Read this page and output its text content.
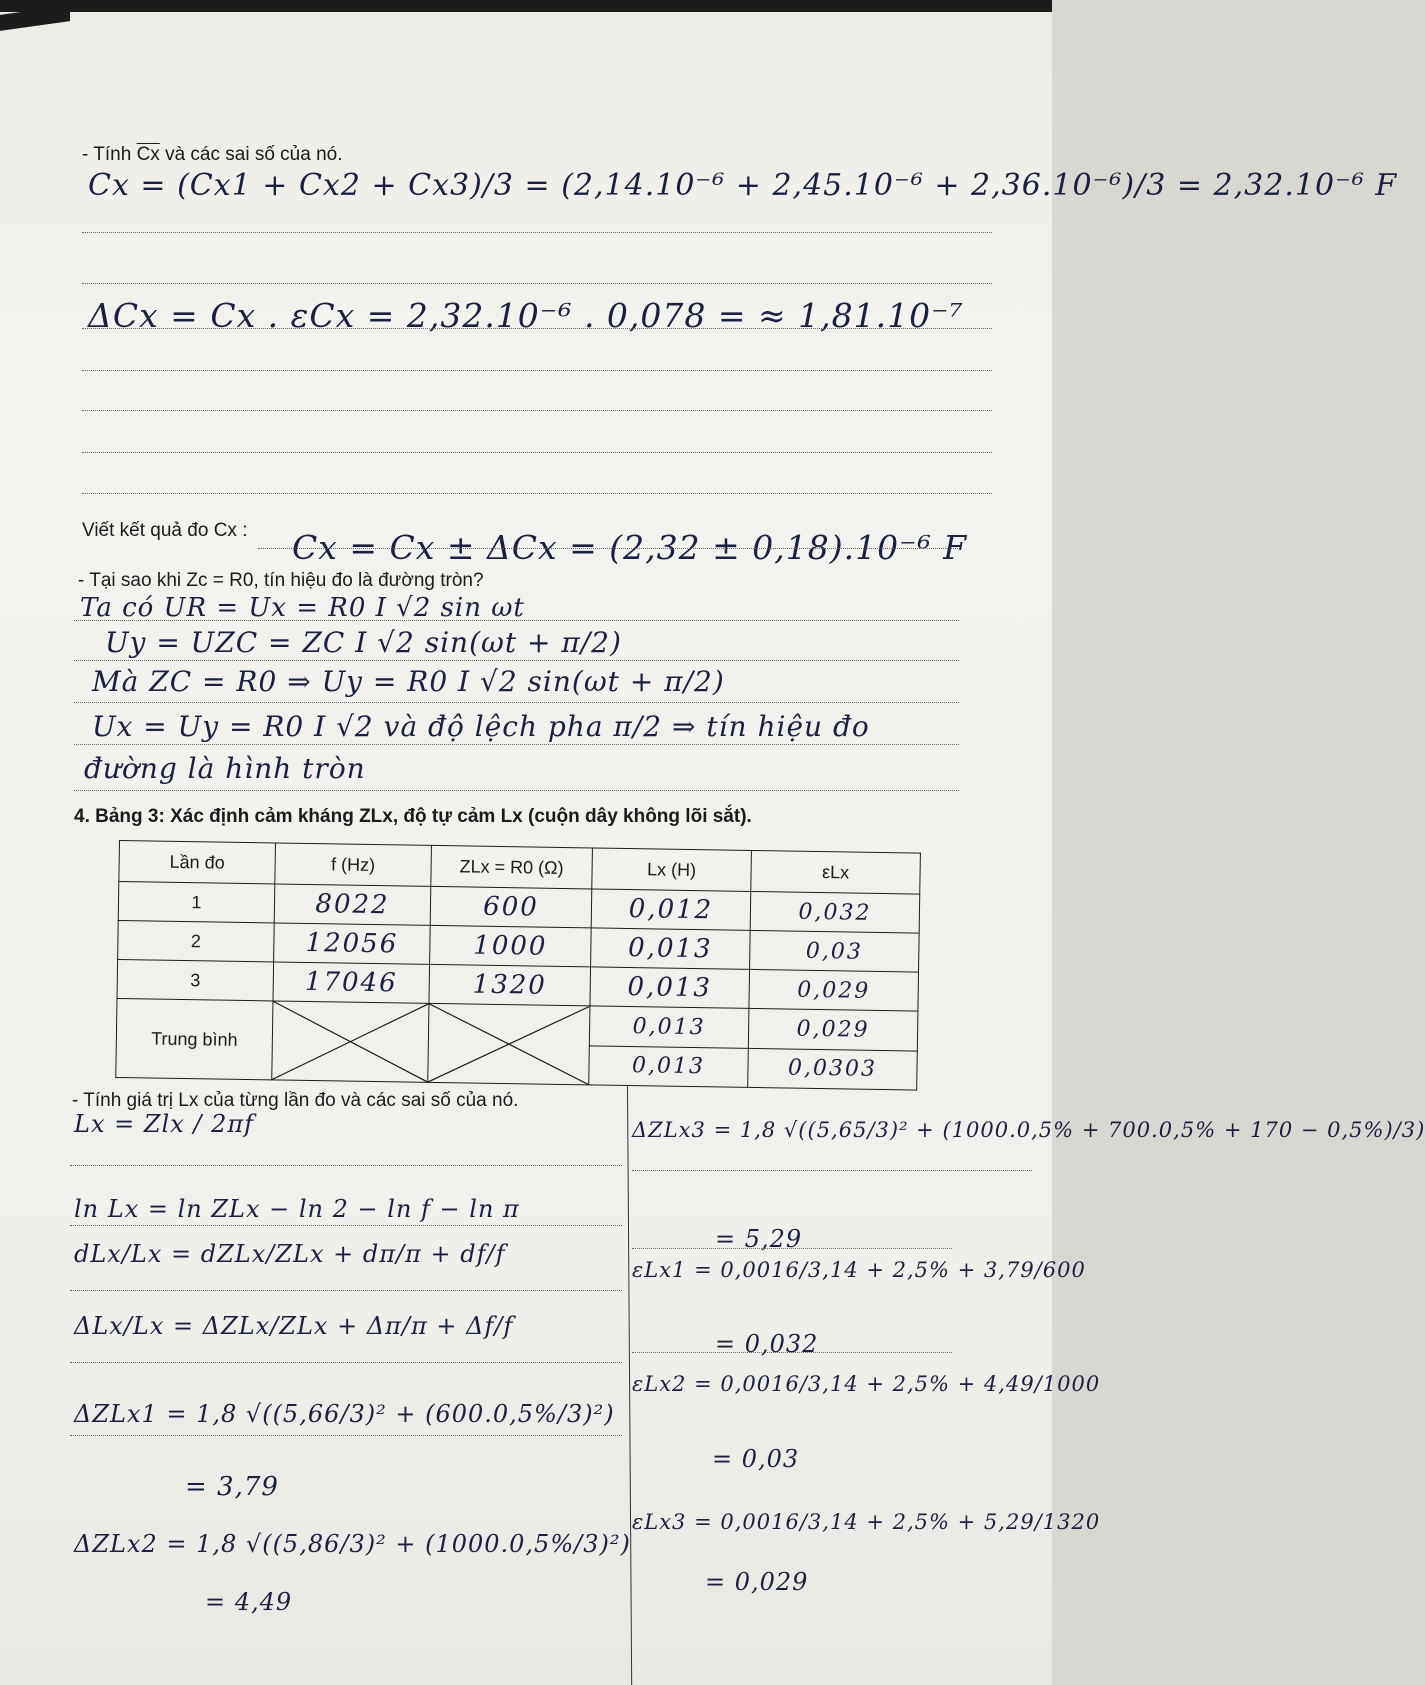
- Tính $\overline{Cx}$ và các sai số của nó.
Cx = (Cx1 + Cx2 + Cx3)/3 = (2,14.10⁻⁶ + 2,45.10⁻⁶ + 2,36.10⁻⁶)/3 = 2,32.10⁻⁶ F
ΔCx = Cx . εCx = 2,32.10⁻⁶ . 0,078 = ≈ 1,81.10⁻⁷
Viết kết quả đo Cx : Cx = Cx ± ΔCx = (2,32 ± 0,18).10⁻⁶ F
- Tại sao khi Zc = R0, tín hiệu đo là đường tròn?
Ta có UR = Ux = R0 I √2 sin ωt
Uy = UZC = ZC I √2 sin(ωt + π/2)
Mà ZC = R0 ⇒ Uy = R0 I √2 sin(ωt + π/2)
Ux = Uy = R0 I √2 và độ lệch pha π/2 ⇒ tín hiệu đo
đường là hình tròn
4. Bảng 3: Xác định cảm kháng ZLx, độ tự cảm Lx (cuộn dây không lõi sắt).
Lần đo	f (Hz)	ZLx = R0 (Ω)	Lx (H)	εLx
1	8022	600	0,012	0,032
2	12056	1000	0,013	0,03
3	17046	1320	0,013	0,029
Trung bình			0,013	0,029
			0,013	0,0303
- Tính giá trị Lx của từng lần đo và các sai số của nó.
Lx = Zlx / 2πf
ln Lx = ln ZLx − ln 2 − ln f − ln π
dLx/Lx = dZLx/ZLx + dπ/π + df/f
ΔLx/Lx = ΔZLx/ZLx + Δπ/π + Δf/f
ΔZLx1 = 1,8 √((5,66/3)² + (600.0,5%/3)²)
= 3,79
ΔZLx2 = 1,8 √((5,86/3)² + (1000.0,5%/3)²)
= 4,49
ΔZLx3 = 1,8 √((5,65/3)² + (1000.0,5% + 700.0,5% + 170 − 0,5%)/3)
= 5,29
εLx1 = 0,0016/3,14 + 2,5% + 3,79/600
= 0,032
εLx2 = 0,0016/3,14 + 2,5% + 4,49/1000
= 0,03
εLx3 = 0,0016/3,14 + 2,5% + 5,29/1320
= 0,029
